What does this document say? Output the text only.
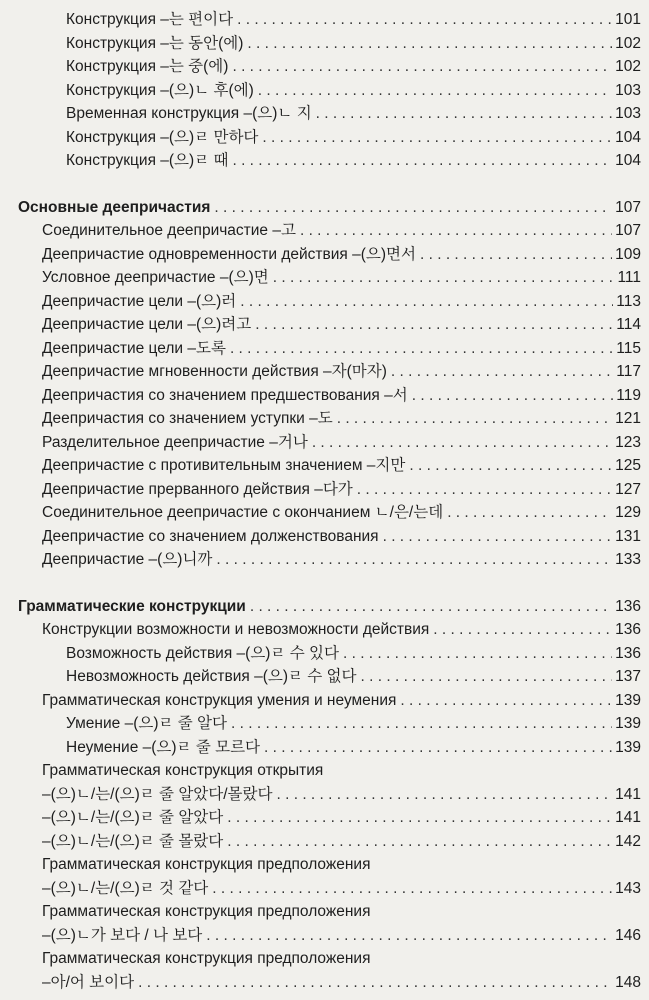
Конструкция –는 편이다 . . .	101
Конструкция –는 동안(에) . . .	102
Конструкция –는 중(에) . . .	102
Конструкция –(으)ㄴ 후(에) . . .	103
Временная конструкция –(으)ㄴ 지 . . .	103
Конструкция –(으)ㄹ 만하다 . . .	104
Конструкция –(으)ㄹ 때 . . .	104
Основные деепричастия . . .	107
Соединительное деепричастие –고 . . .	107
Деепричастие одновременности действия –(으)면서 . . .	109
Условное деепричастие –(으)면 . . .	111
Деепричастие цели –(으)러 . . .	113
Деепричастие цели –(으)려고 . . .	114
Деепричастие цели –도록 . . .	115
Деепричастие мгновенности действия –자(마자) . . .	117
Деепричастия со значением предшествования –서 . . .	119
Деепричастия со значением уступки –도 . . .	121
Разделительное деепричастие –거나 . . .	123
Деепричастие с противительным значением –지만 . . .	125
Деепричастие прерванного действия –다가 . . .	127
Соединительное деепричастие с окончанием ㄴ/은/는데 . . .	129
Деепричастие со значением долженствования . . .	131
Деепричастие –(으)니까 . . .	133
Грамматические конструкции . . .	136
Конструкции возможности и невозможности действия . . .	136
Возможность действия –(으)ㄹ 수 있다 . . .	136
Невозможность действия –(으)ㄹ 수 없다 . . .	137
Грамматическая конструкция умения и неумения . . .	139
Умение –(으)ㄹ 줄 알다 . . .	139
Неумение –(으)ㄹ 줄 모르다 . . .	139
Грамматическая конструкция открытия
–(으)ㄴ/는/(으)ㄹ 줄 알았다/몰랐다 . . .	141
–(으)ㄴ/는/(으)ㄹ 줄 알았다 . . .	141
–(으)ㄴ/는/(으)ㄹ 줄 몰랐다 . . .	142
Грамматическая конструкция предположения
–(으)ㄴ/는/(으)ㄹ 것 같다 . . .	143
Грамматическая конструкция предположения
–(으)ㄴ가 보다 / 나 보다 . . .	146
Грамматическая конструкция предположения
–아/어 보이다 . . .	148
